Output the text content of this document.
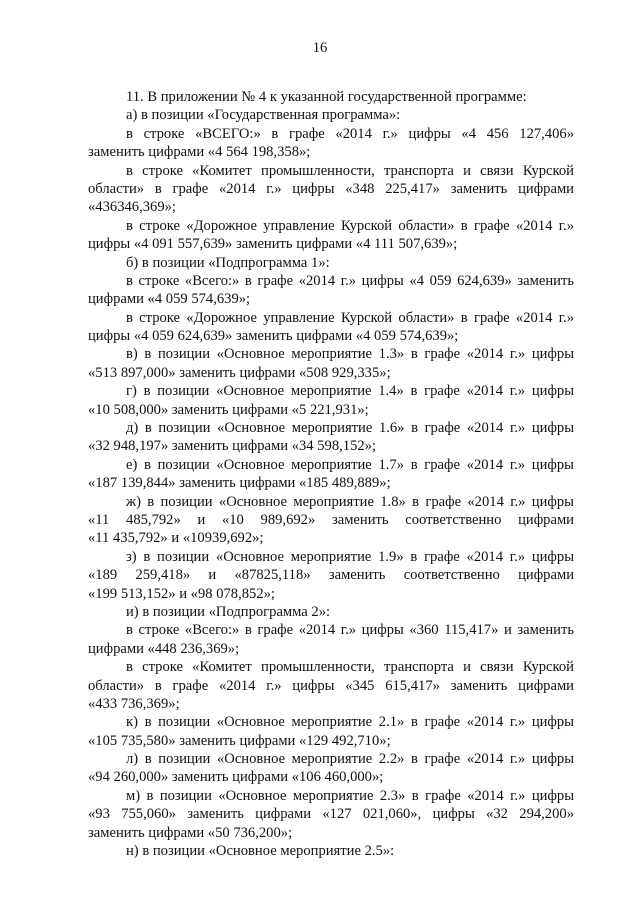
16
11. В приложении № 4 к указанной государственной программе:
а) в позиции «Государственная программа»:
в строке «ВСЕГО:» в графе «2014 г.» цифры «4 456 127,406»
заменить цифрами «4 564 198,358»;
в строке «Комитет промышленности, транспорта и связи Курской
области» в графе «2014 г.» цифры «348 225,417» заменить цифрами
«436346,369»;
в строке «Дорожное управление Курской области» в графе «2014 г.»
цифры «4 091 557,639» заменить цифрами «4 111 507,639»;
б) в позиции «Подпрограмма 1»:
в строке «Всего:» в графе «2014 г.» цифры «4 059 624,639» заменить
цифрами «4 059 574,639»;
в строке «Дорожное управление Курской области» в графе «2014 г.»
цифры «4 059 624,639» заменить цифрами «4 059 574,639»;
в) в позиции «Основное мероприятие 1.3» в графе «2014 г.» цифры
«513 897,000» заменить цифрами «508 929,335»;
г) в позиции «Основное мероприятие 1.4» в графе «2014 г.» цифры
«10 508,000» заменить цифрами «5 221,931»;
д) в позиции «Основное мероприятие 1.6» в графе «2014 г.» цифры
«32 948,197» заменить цифрами «34 598,152»;
е) в позиции «Основное мероприятие 1.7» в графе «2014 г.» цифры
«187 139,844» заменить цифрами «185 489,889»;
ж) в позиции «Основное мероприятие 1.8» в графе «2014 г.» цифры
«11 485,792» и «10 989,692» заменить соответственно цифрами
«11 435,792» и «10939,692»;
з) в позиции «Основное мероприятие 1.9» в графе «2014 г.» цифры
«189 259,418» и «87825,118» заменить соответственно цифрами
«199 513,152» и «98 078,852»;
и) в позиции «Подпрограмма 2»:
в строке «Всего:» в графе «2014 г.» цифры «360 115,417» и заменить
цифрами «448 236,369»;
в строке «Комитет промышленности, транспорта и связи Курской
области» в графе «2014 г.» цифры «345 615,417» заменить цифрами
«433 736,369»;
к) в позиции «Основное мероприятие 2.1» в графе «2014 г.» цифры
«105 735,580» заменить цифрами «129 492,710»;
л) в позиции «Основное мероприятие 2.2» в графе «2014 г.» цифры
«94 260,000» заменить цифрами «106 460,000»;
м) в позиции «Основное мероприятие 2.3» в графе «2014 г.» цифры
«93 755,060» заменить цифрами «127 021,060», цифры «32 294,200»
заменить цифрами «50 736,200»;
н) в позиции «Основное мероприятие 2.5»:
